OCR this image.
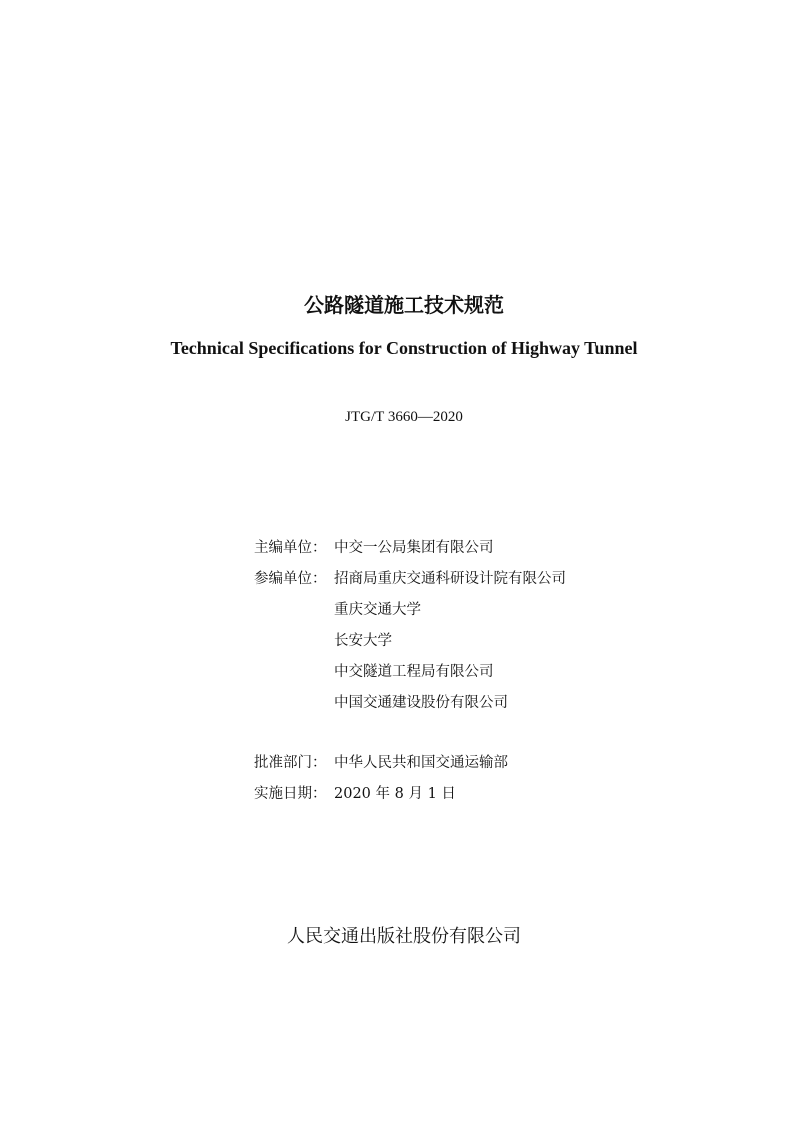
公路隧道施工技术规范
Technical Specifications for Construction of Highway Tunnel
JTG/T 3660—2020
主编单位： 中交一公局集团有限公司
参编单位： 招商局重庆交通科研设计院有限公司
重庆交通大学
长安大学
中交隧道工程局有限公司
中国交通建设股份有限公司
批准部门： 中华人民共和国交通运输部
实施日期： 2020 年 8 月 1 日
人民交通出版社股份有限公司
